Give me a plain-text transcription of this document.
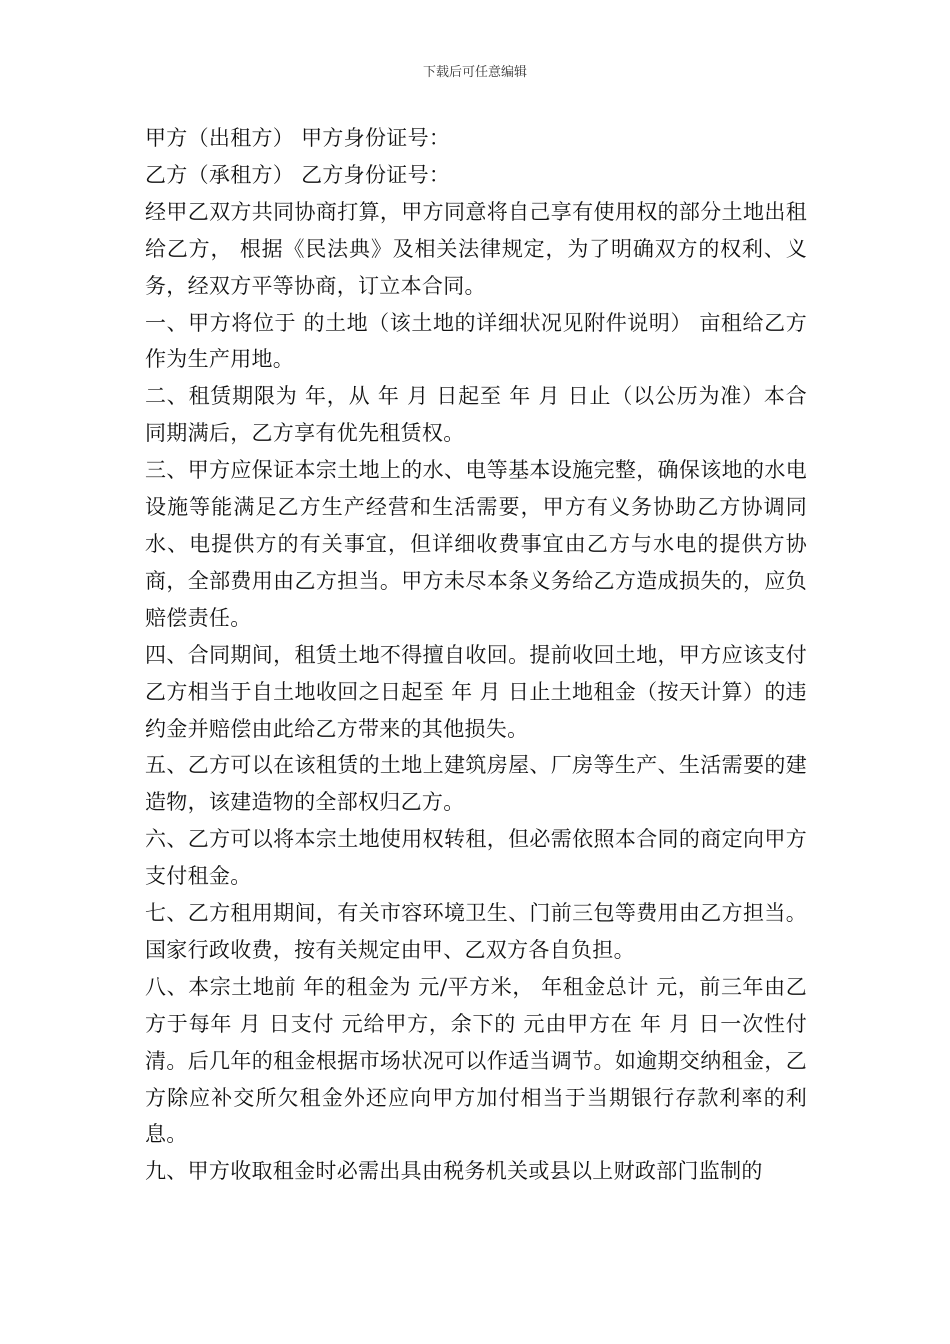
下载后可任意编辑

甲方（出租方） 甲方身份证号：

乙方（承租方） 乙方身份证号：

经甲乙双方共同协商打算，甲方同意将自己享有使用权的部分土地出租给乙方， 根据《民法典》及相关法律规定，为了明确双方的权利、义务，经双方平等协商，订立本合同。

一、甲方将位于 的土地（该土地的详细状况见附件说明） 亩租给乙方作为生产用地。

二、租赁期限为 年，从 年 月 日起至 年 月 日止（以公历为准）本合同期满后，乙方享有优先租赁权。

三、甲方应保证本宗土地上的水、电等基本设施完整，确保该地的水电设施等能满足乙方生产经营和生活需要，甲方有义务协助乙方协调同水、电提供方的有关事宜，但详细收费事宜由乙方与水电的提供方协商，全部费用由乙方担当。甲方未尽本条义务给乙方造成损失的，应负赔偿责任。

四、合同期间，租赁土地不得擅自收回。提前收回土地，甲方应该支付乙方相当于自土地收回之日起至 年 月 日止土地租金（按天计算）的违约金并赔偿由此给乙方带来的其他损失。

五、乙方可以在该租赁的土地上建筑房屋、厂房等生产、生活需要的建造物，该建造物的全部权归乙方。

六、乙方可以将本宗土地使用权转租，但必需依照本合同的商定向甲方支付租金。

七、乙方租用期间，有关市容环境卫生、门前三包等费用由乙方担当。国家行政收费，按有关规定由甲、乙双方各自负担。

八、本宗土地前 年的租金为 元/平方米， 年租金总计 元，前三年由乙方于每年 月 日支付 元给甲方，余下的 元由甲方在 年 月 日一次性付清。后几年的租金根据市场状况可以作适当调节。如逾期交纳租金，乙方除应补交所欠租金外还应向甲方加付相当于当期银行存款利率的利息。

九、甲方收取租金时必需出具由税务机关或县以上财政部门监制的
